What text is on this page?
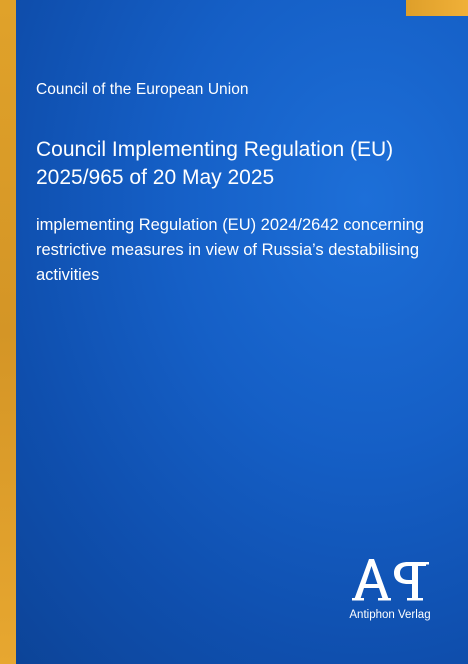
Council of the European Union
Council Implementing Regulation (EU)
2025/965 of 20 May 2025
implementing Regulation (EU) 2024/2642 concerning restrictive measures in view of Russia’s destabilising activities
Antiphon Verlag
